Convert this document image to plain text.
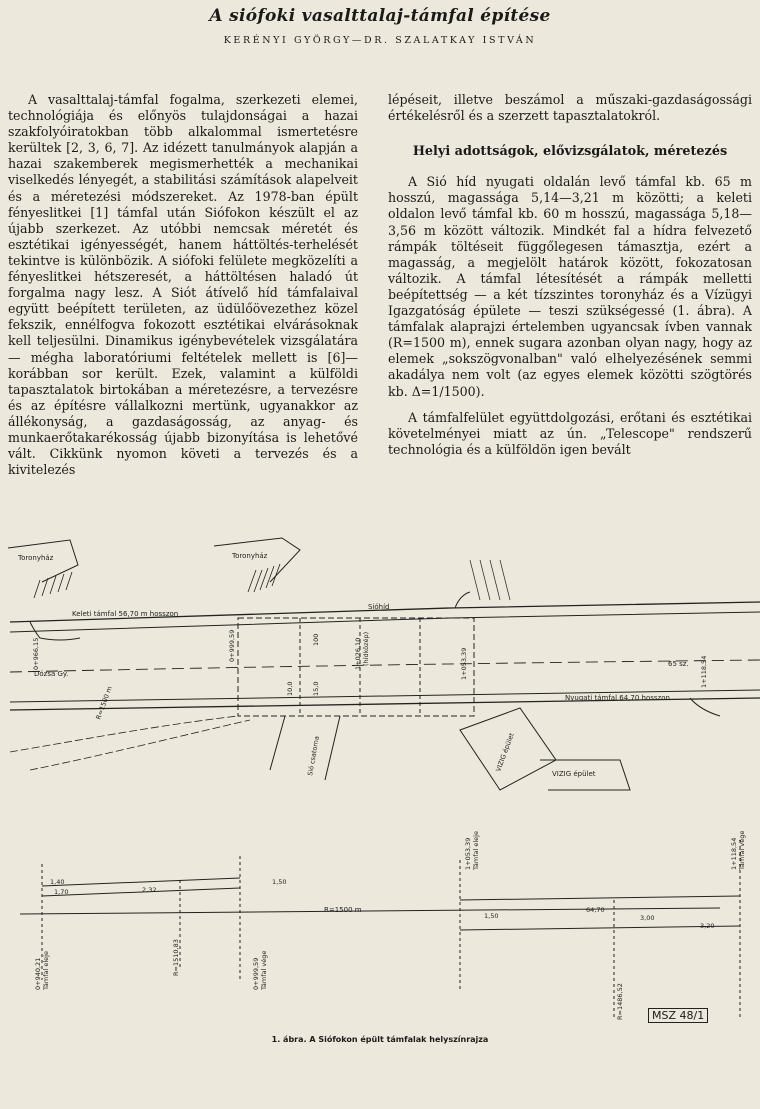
A siófoki vasalttalaj-támfal építése
KERÉNYI GYÖRGY—DR. SZALATKAY ISTVÁN

A vasalttalaj-támfal fogalma, szerkezeti elemei, technológiája és előnyös tulajdonságai a hazai szakfolyóiratokban több alkalommal ismertetésre kerültek [2, 3, 6, 7]. Az idézett tanulmányok alapján a hazai szakemberek megismerhették a mechanikai viselkedés lényegét, a stabilitási számítások alapelveit és a méretezési módszereket. Az 1978-ban épült fényeslitkei [1] támfal után Siófokon készült el az újabb szerkezet. Az utóbbi nemcsak méretét és esztétikai igényességét, hanem háttöltés-terhelését tekintve is különbözik. A siófoki felülete megközelíti a fényeslitkei hétszeresét, a háttöltésen haladó út forgalma nagy lesz. A Siót átívelő híd támfalaival együtt beépített területen, az üdülőövezethez közel fekszik, ennélfogva fokozott esztétikai elvárásoknak kell teljesülni. Dinamikus igénybevételek vizsgálatára — mégha laboratóriumi feltételek mellett is [6]—korábban sor került. Ezek, valamint a külföldi tapasztalatok birtokában a méretezésre, a tervezésre és az építésre vállalkozni mertünk, ugyanakkor az állékonyság, a gazdaságosság, az anyag- és munkaerőtakarékosság újabb bizonyítása is lehetővé vált. Cikkünk nyomon követi a tervezés és a kivitelezés

lépéseit, illetve beszámol a műszaki-gazdaságossági értékelésről és a szerzett tapasztalatokról.

Helyi adottságok, elővizsgálatok, méretezés

A Sió híd nyugati oldalán levő támfal kb. 65 m hosszú, magassága 5,14—3,21 m közötti; a keleti oldalon levő támfal kb. 60 m hosszú, magassága 5,18—3,56 m között változik. Mindkét fal a hídra felvezető rámpák töltéseit függőlegesen támasztja, ezért a magasság, a megjelölt határok között, fokozatosan változik. A támfal létesítését a rámpák melletti beépítettség — a két tízszintes toronyház és a Vízügyi Igazgatóság épülete — teszi szükségessé (1. ábra). A támfalak alaprajzi értelemben ugyancsak ívben vannak (R=1500 m), ennek sugara azonban olyan nagy, hogy az elemek „sokszögvonalban" való elhelyezésének semmi akadálya nem volt (az egyes elemek közötti szögtörés kb. Δ=1/1500).

A támfalfelület együttdolgozási, erőtani és esztétikai követelményei miatt az ún. „Telescope" rendszerű technológia és a külföldön igen bevált

Toronyház	Toronyház
Keleti támfal 56,70 m hosszon
Sióhíd
Dózsa Gy.
65 sz.
Nyugati támfal 64,70 hosszon
R=1500 m
VIZIG épület
VIZIG épület
Sió csatorna
0+966,15	0+999,59	100	1+026,10 (hídközép)	1+053,39	1+118,54
10,0	15,0
1,40
1,70	2,32
1,50
R=1500 m
0+940,21 Támfal eleje	R=1510,83	0+999,59 Támfal vége
1+053,39 Támfal eleje	1+118,54 Támfal vége
R=1486,52
1,50
64,70
3,00
3,20
MSZ 48/1
1. ábra. A Siófokon épült támfalak helyszínrajza
